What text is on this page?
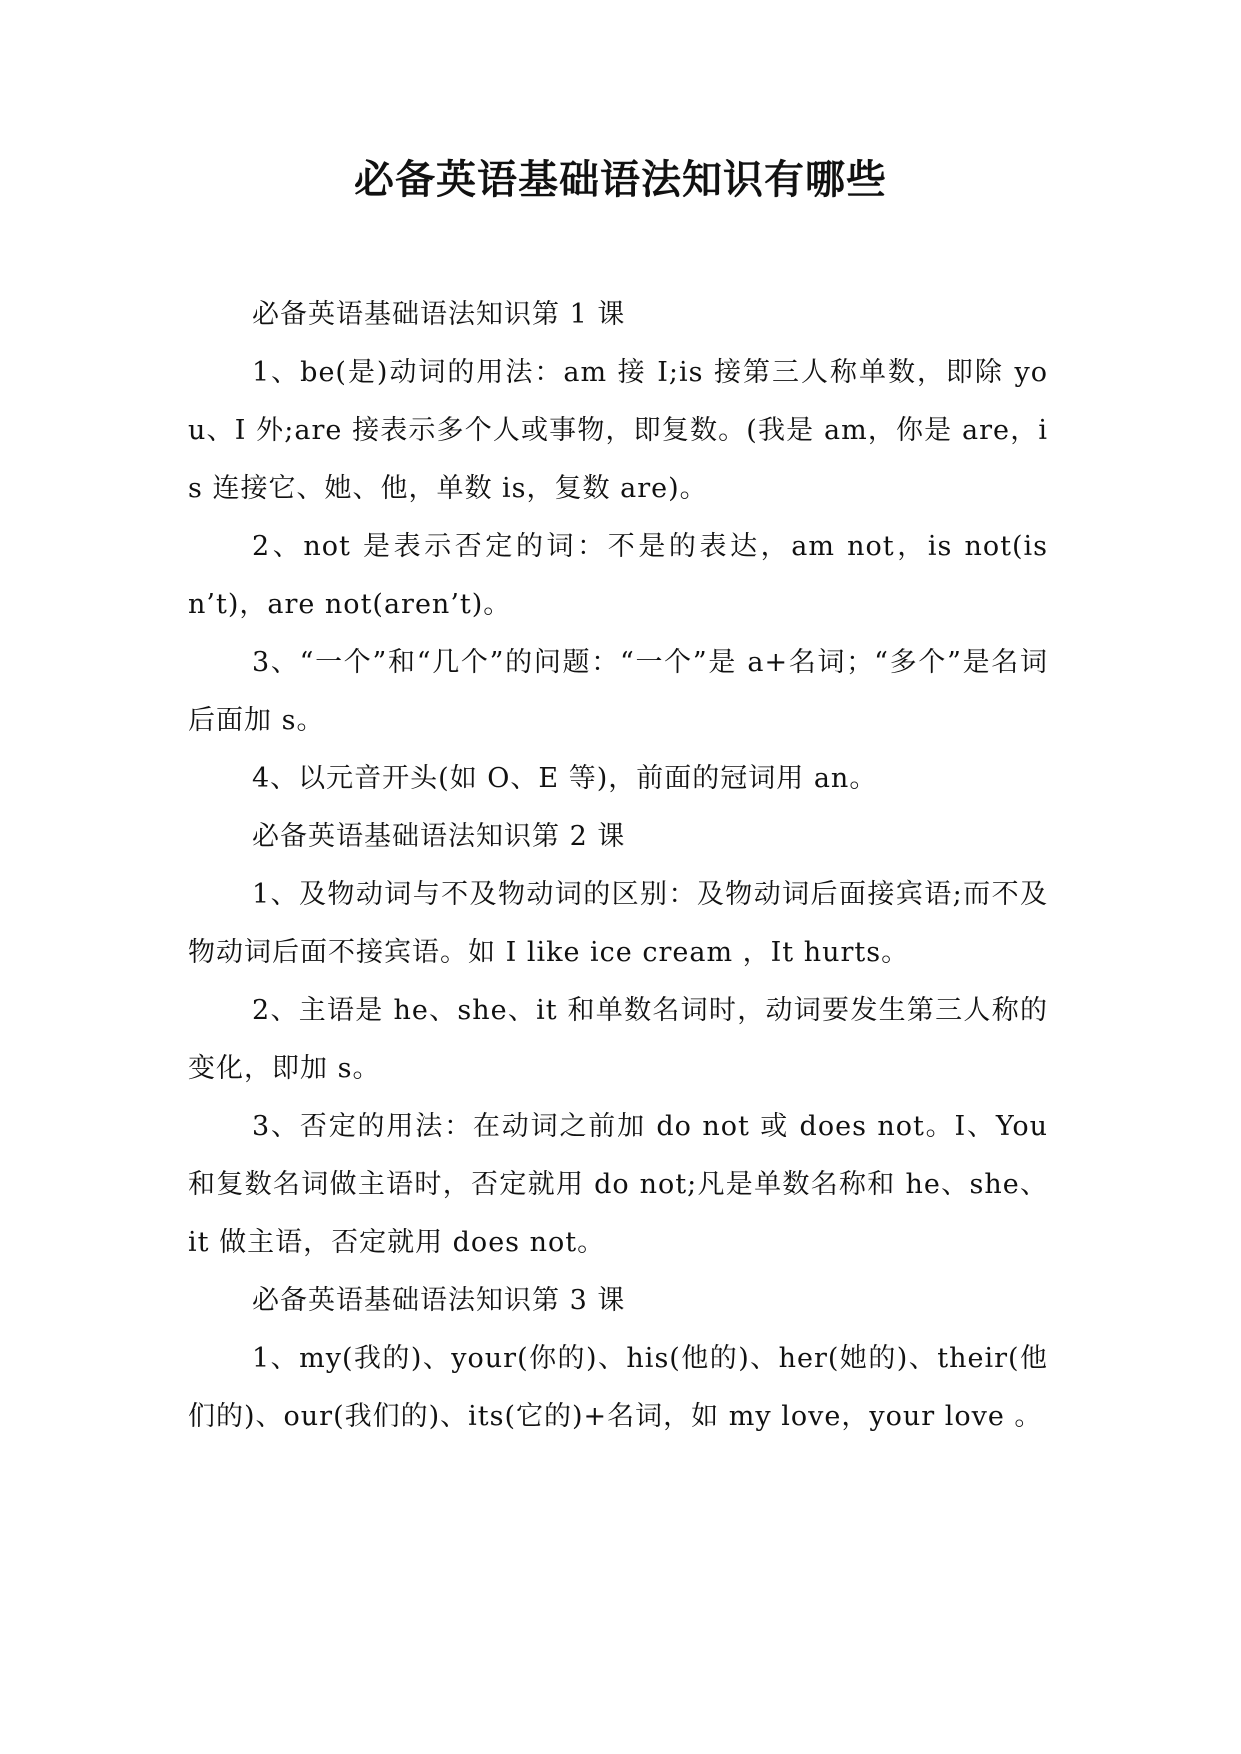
必备英语基础语法知识有哪些

必备英语基础语法知识第 1 课

1、be(是)动词的用法：am 接 I;is 接第三人称单数，即除 you、I 外;are 接表示多个人或事物，即复数。(我是 am，你是 are，is 连接它、她、他，单数 is，复数 are)。

2、not 是表示否定的词：不是的表达，am not，is not(isn’t)，are not(aren’t)。

3、“一个”和“几个”的问题：“一个”是 a+名词；“多个”是名词后面加 s。

4、以元音开头(如 O、E 等)，前面的冠词用 an。

必备英语基础语法知识第 2 课

1、及物动词与不及物动词的区别：及物动词后面接宾语;而不及物动词后面不接宾语。如 I like ice cream ，It hurts。

2、主语是 he、she、it 和单数名词时，动词要发生第三人称的变化，即加 s。

3、否定的用法：在动词之前加 do not 或 does not。I、You 和复数名词做主语时，否定就用 do not;凡是单数名称和 he、she、it 做主语，否定就用 does not。

必备英语基础语法知识第 3 课

1、my(我的)、your(你的)、his(他的)、her(她的)、their(他们的)、our(我们的)、its(它的)+名词，如 my love，your love 。
